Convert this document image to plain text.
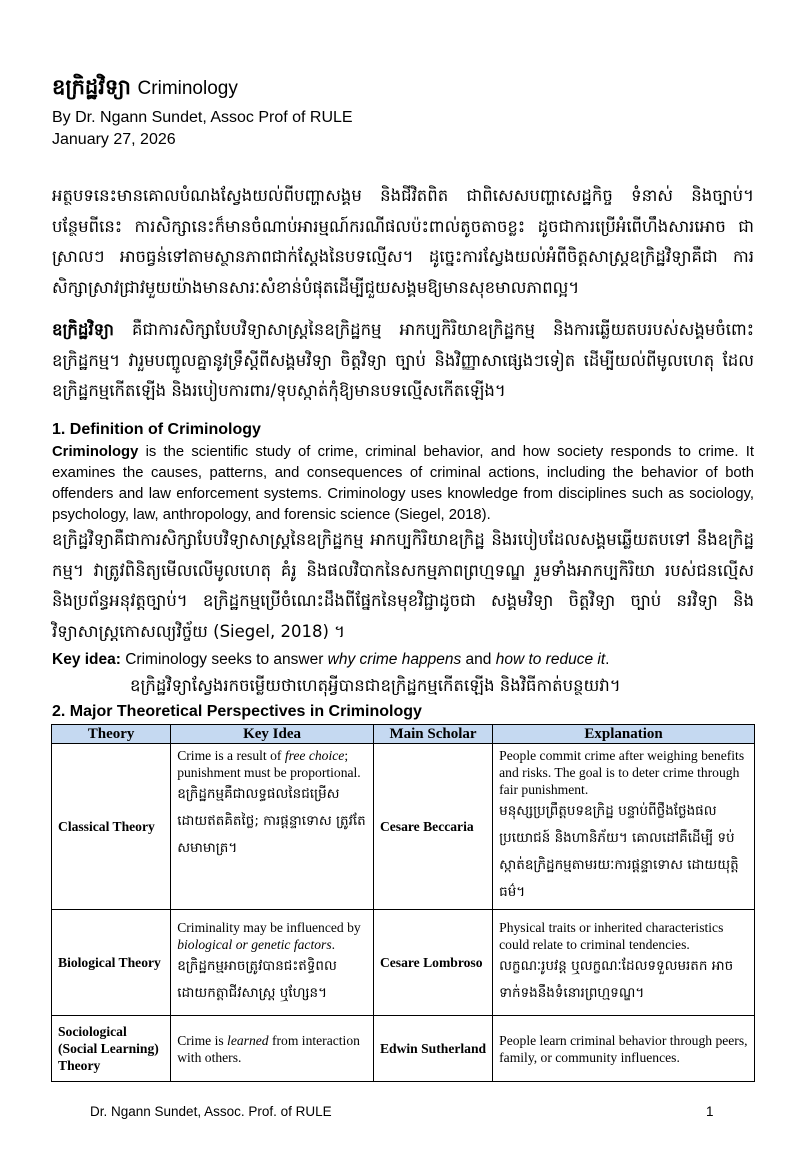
ឧក្រិដ្ឋវិទ្យា Criminology
By Dr. Ngann Sundet, Assoc Prof of RULE
January 27, 2026
អត្ថបទនេះមានគោលបំណងស្វែងយល់ពីបញ្ហាសង្គម និងជីវិតពិត ជាពិសេសបញ្ហាសេដ្ឋកិច្ច ទំនាស់ និងច្បាប់។ បន្ថែមពីនេះ ការសិក្សានេះក៏មានចំណាប់អារម្មណ៍ករណីផលប៉ះពាល់តូចតាចខ្លះ ដូចជាការប្រើអំពើហឹងសារអោច ជាស្រាលៗ អាចធ្វន់ទៅតាមស្ថានភាពជាក់ស្តែងនៃបទល្មើស។ ដូច្នេះការស្វែងយល់អំពីចិត្តសាស្ត្រឧក្រិដ្ឋវិទ្យាគឺជា ការសិក្សាស្រាវជ្រាវមួយយ៉ាងមានសារៈសំខាន់បំផុតដើម្បីជួយសង្គមឱ្យមានសុខមាលភាពល្អ។
ឧក្រិដ្ឋវិទ្យា គឺជាការសិក្សាបែបវិទ្យាសាស្ត្រនៃឧក្រិដ្ឋកម្ម អាកប្បកិរិយាឧក្រិដ្ឋកម្ម និងការឆ្លើយតបរបស់សង្គមចំពោះ ឧក្រិដ្ឋកម្ម។ វារួមបញ្ចូលគ្នានូវទ្រឹស្តីពីសង្គមវិទ្យា ចិត្តវិទ្យា ច្បាប់ និងវិញ្ញាសាផ្សេងៗទៀត ដើម្បីយល់ពីមូលហេតុ ដែលឧក្រិដ្ឋកម្មកើតឡើង និងរបៀបការពារ/ទុបស្កាត់កុំឱ្យមានបទល្មើសកើតឡើង។
1. Definition of Criminology
Criminology is the scientific study of crime, criminal behavior, and how society responds to crime. It examines the causes, patterns, and consequences of criminal actions, including the behavior of both offenders and law enforcement systems. Criminology uses knowledge from disciplines such as sociology, psychology, law, anthropology, and forensic science (Siegel, 2018).
ឧក្រិដ្ឋវិទ្យាគឺជាការសិក្សាបែបវិទ្យាសាស្ត្រនៃឧក្រិដ្ឋកម្ម អាកប្បកិរិយាឧក្រិដ្ឋ និងរបៀបដែលសង្គមឆ្លើយតបទៅ នឹងឧក្រិដ្ឋកម្ម។ វាត្រូវពិនិត្យមើលលើមូលហេតុ គំរូ និងផលវិបាកនៃសកម្មភាពព្រហ្មទណ្ឌ រួមទាំងអាកប្បកិរិយា របស់ជនល្មើស និងប្រព័ន្ធអនុវត្តច្បាប់។ ឧក្រិដ្ឋកម្មប្រើចំណេះដឹងពីផ្នែកនៃមុខវិជ្ជាដូចជា សង្គមវិទ្យា ចិត្តវិទ្យា ច្បាប់ នរវិទ្យា និងវិទ្យាសាស្ត្រកោសល្យវិច្ច័យ (Siegel, 2018) ។
Key idea: Criminology seeks to answer why crime happens and how to reduce it.
ឧក្រិដ្ឋវិទ្យាស្វែងរកចម្លើយថាហេតុអ្វីបានជាឧក្រិដ្ឋកម្មកើតឡើង និងវិធីកាត់បន្ថយវា។
2. Major Theoretical Perspectives in Criminology
Theory	Key Idea	Main Scholar	Explanation
Classical Theory	Crime is a result of free choice; punishment must be proportional.
ឧក្រិដ្ឋកម្មគឺជាលទ្ធផលនៃជម្រើស ដោយឥតគិតថ្លៃ; ការផ្តន្ទាទោស ត្រូវតែសមាមាត្រ។	Cesare Beccaria	People commit crime after weighing benefits and risks. The goal is to deter crime through fair punishment.
មនុស្សប្រព្រឹត្តបទឧក្រិដ្ឋ បន្ទាប់ពីថ្លឹងថ្លែងផល ប្រយោជន៍ និងហានិភ័យ។ គោលដៅគឺដើម្បី ទប់ស្កាត់ឧក្រិដ្ឋកម្មតាមរយៈការផ្តន្ទាទោស ដោយយុត្តិធម៌។

Biological Theory	Criminality may be influenced by biological or genetic factors.
ឧក្រិដ្ឋកម្មអាចត្រូវបានជះឥទ្ធិពល ដោយកត្តាជីវសាស្ត្រ ឬហ្សែន។	Cesare Lombroso	Physical traits or inherited characteristics could relate to criminal tendencies.
លក្ខណៈរូបវន្ត ឬលក្ខណៈដែលទទួលមរតក អាចទាក់ទងនឹងទំនោរព្រហ្មទណ្ឌ។

Sociological (Social Learning) Theory	Crime is learned from interaction with others.	Edwin Sutherland	People learn criminal behavior through peers, family, or community influences.
Dr. Ngann Sundet, Assoc. Prof. of RULE	1
